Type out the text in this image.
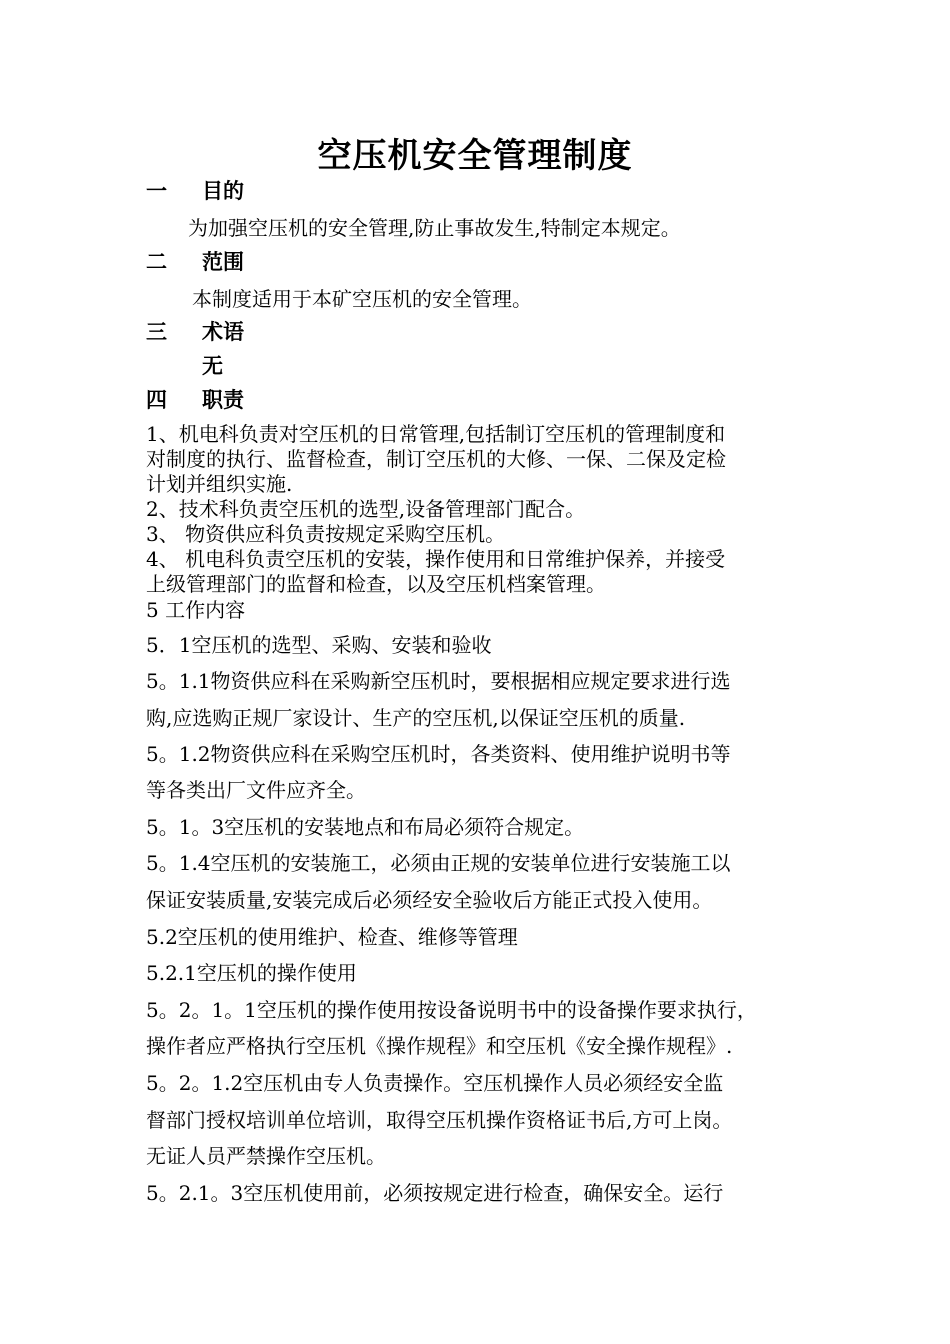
空压机安全管理制度
一 目的
为加强空压机的安全管理,防止事故发生,特制定本规定。
二 范围
本制度适用于本矿空压机的安全管理。
三 术语
无
四 职责
1、机电科负责对空压机的日常管理,包括制订空压机的管理制度和
对制度的执行、监督检查，制订空压机的大修、一保、二保及定检
计划并组织实施.
2、技术科负责空压机的选型,设备管理部门配合。
3、 物资供应科负责按规定采购空压机。
4、 机电科负责空压机的安装，操作使用和日常维护保养，并接受
上级管理部门的监督和检查，以及空压机档案管理。
5 工作内容
5．1空压机的选型、采购、安装和验收
5。1.1物资供应科在采购新空压机时，要根据相应规定要求进行选
购,应选购正规厂家设计、生产的空压机,以保证空压机的质量.
5。1.2物资供应科在采购空压机时，各类资料、使用维护说明书等
等各类出厂文件应齐全。
5。1。3空压机的安装地点和布局必须符合规定。
5。1.4空压机的安装施工，必须由正规的安装单位进行安装施工以
保证安装质量,安装完成后必须经安全验收后方能正式投入使用。
5.2空压机的使用维护、检查、维修等管理
5.2.1空压机的操作使用
5。2。1。1空压机的操作使用按设备说明书中的设备操作要求执行，
操作者应严格执行空压机《操作规程》和空压机《安全操作规程》.
5。2。1.2空压机由专人负责操作。空压机操作人员必须经安全监
督部门授权培训单位培训，取得空压机操作资格证书后,方可上岗。
无证人员严禁操作空压机。
5。2.1。3空压机使用前，必须按规定进行检查，确保安全。运行
